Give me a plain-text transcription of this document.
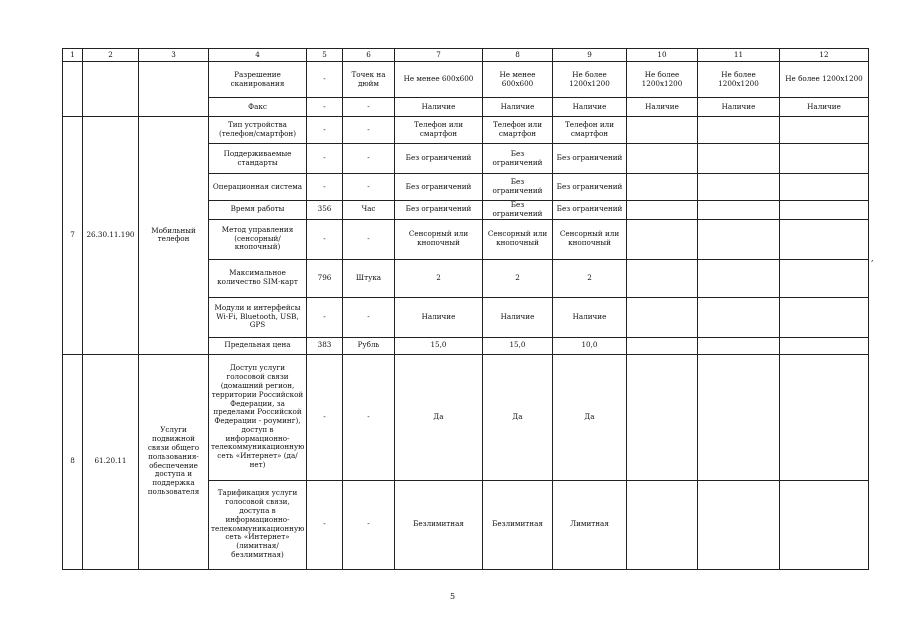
1	2	3	4	5	6	7	8	9	10	11	12
			Разрешение сканирования	-	Точек на дюйм	Не менее 600х600	Не менее 600х600	Не более 1200х1200	Не более 1200х1200	Не более 1200х1200	Не более 1200х1200
			Факс	-	-	Наличие	Наличие	Наличие	Наличие	Наличие	Наличие
7	26.30.11.190	Мобильный телефон	Тип устройства (телефон/смартфон)	-	-	Телефон или смартфон	Телефон или смартфон	Телефон или смартфон			
			Поддерживаемые стандарты	-	-	Без ограничений	Без ограничений	Без ограничений			
			Операционная система	-	-	Без ограничений	Без ограничений	Без ограничений			
			Время работы	356	Час	Без ограничений	Без ограничений	Без ограничений			
			Метод управления (сенсорный/ кнопочный)	-	-	Сенсорный или кнопочный	Сенсорный или кнопочный	Сенсорный или кнопочный			
			Максимальное количество SIM-карт	796	Штука	2	2	2			
			Модули и интерфейсы Wi-Fi, Bluetooth, USB, GPS	-	-	Наличие	Наличие	Наличие			
			Предельная цена	383	Рубль	15,0	15,0	10,0			
8	61.20.11	Услуги подвижной связи общего пользования- обеспечение доступа и поддержка пользователя	Доступ услуги голосовой связи (домашний регион, территории Российской Федерации, за пределами Российской Федерации - роуминг), доступ в информационно-телекоммуникационную сеть «Интернет» (да/нет)	-	-	Да	Да	Да			
			Тарификация услуги голосовой связи, доступа в информационно-телекоммуникационную сеть «Интернет» (лимитная/ безлимитная)	-	-	Безлимитная	Безлимитная	Лимитная			
,
5
